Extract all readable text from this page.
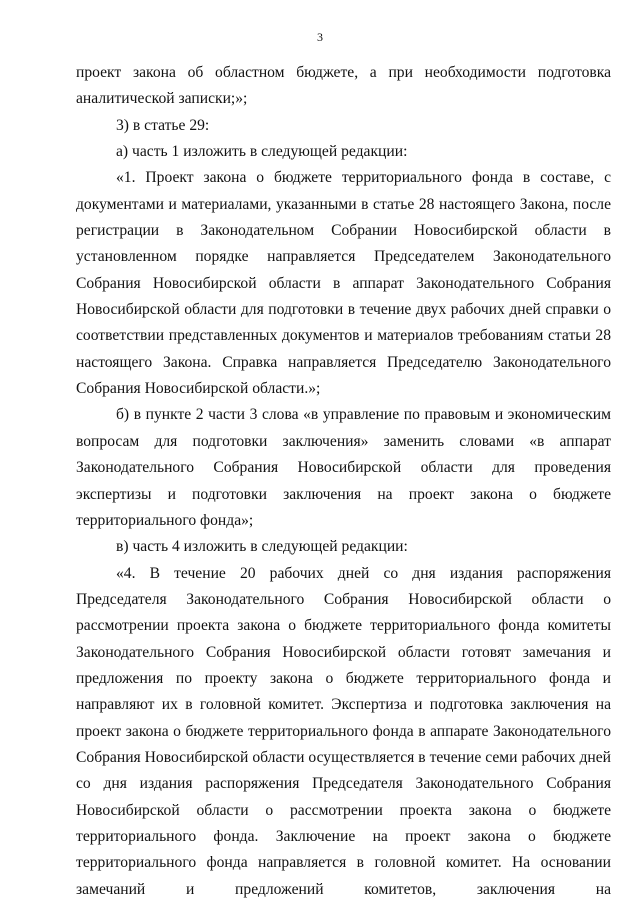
3

проект закона об областном бюджете, а при необходимости подготовка аналитической записки;»;

3) в статье 29:

а) часть 1 изложить в следующей редакции:

«1. Проект закона о бюджете территориального фонда в составе, с документами и материалами, указанными в статье 28 настоящего Закона, после регистрации в Законодательном Собрании Новосибирской области в установленном порядке направляется Председателем Законодательного Собрания Новосибирской области в аппарат Законодательного Собрания Новосибирской области для подготовки в течение двух рабочих дней справки о соответствии представленных документов и материалов требованиям статьи 28 настоящего Закона. Справка направляется Председателю Законодательного Собрания Новосибирской области.»;

б) в пункте 2 части 3 слова «в управление по правовым и экономическим вопросам для подготовки заключения» заменить словами «в аппарат Законодательного Собрания Новосибирской области для проведения экспертизы и подготовки заключения на проект закона о бюджете территориального фонда»;

в) часть 4 изложить в следующей редакции:

«4. В течение 20 рабочих дней со дня издания распоряжения Председателя Законодательного Собрания Новосибирской области о рассмотрении проекта закона о бюджете территориального фонда комитеты Законодательного Собрания Новосибирской области готовят замечания и предложения по проекту закона о бюджете территориального фонда и направляют их в головной комитет. Экспертиза и подготовка заключения на проект закона о бюджете территориального фонда в аппарате Законодательного Собрания Новосибирской области осуществляется в течение семи рабочих дней со дня издания распоряжения Председателя Законодательного Собрания Новосибирской области о рассмотрении проекта закона о бюджете территориального фонда. Заключение на проект закона о бюджете территориального фонда направляется в головной комитет. На основании замечаний и предложений комитетов, заключения на
